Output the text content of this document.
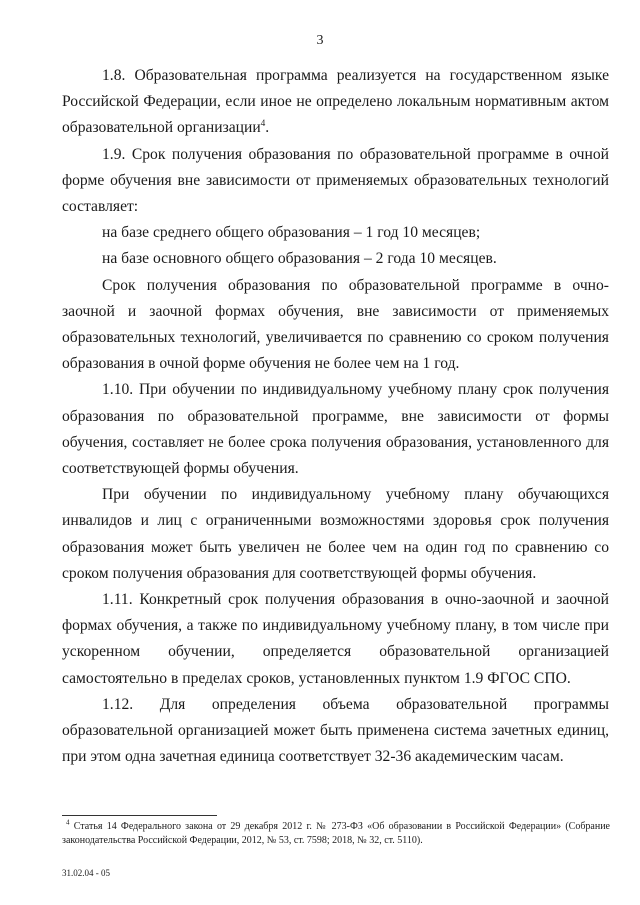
3

1.8. Образовательная программа реализуется на государственном языке Российской Федерации, если иное не определено локальным нормативным актом образовательной организации$^4$.

1.9. Срок получения образования по образовательной программе в очной форме обучения вне зависимости от применяемых образовательных технологий составляет:

на базе среднего общего образования – 1 год 10 месяцев;

на базе основного общего образования – 2 года 10 месяцев.

Срок получения образования по образовательной программе в очно-заочной и заочной формах обучения, вне зависимости от применяемых образовательных технологий, увеличивается по сравнению со сроком получения образования в очной форме обучения не более чем на 1 год.

1.10. При обучении по индивидуальному учебному плану срок получения образования по образовательной программе, вне зависимости от формы обучения, составляет не более срока получения образования, установленного для соответствующей формы обучения.

При обучении по индивидуальному учебному плану обучающихся инвалидов и лиц с ограниченными возможностями здоровья срок получения образования может быть увеличен не более чем на один год по сравнению со сроком получения образования для соответствующей формы обучения.

1.11. Конкретный срок получения образования в очно-заочной и заочной формах обучения, а также по индивидуальному учебному плану, в том числе при ускоренном обучении, определяется образовательной организацией самостоятельно в пределах сроков, установленных пунктом 1.9 ФГОС СПО.

1.12. Для определения объема образовательной программы образовательной организацией может быть применена система зачетных единиц, при этом одна зачетная единица соответствует 32-36 академическим часам.

$^4$ Статья 14 Федерального закона от 29 декабря 2012 г. № 273-ФЗ «Об образовании в Российской Федерации» (Собрание законодательства Российской Федерации, 2012, № 53, ст. 7598; 2018, № 32, ст. 5110).
31.02.04 - 05
